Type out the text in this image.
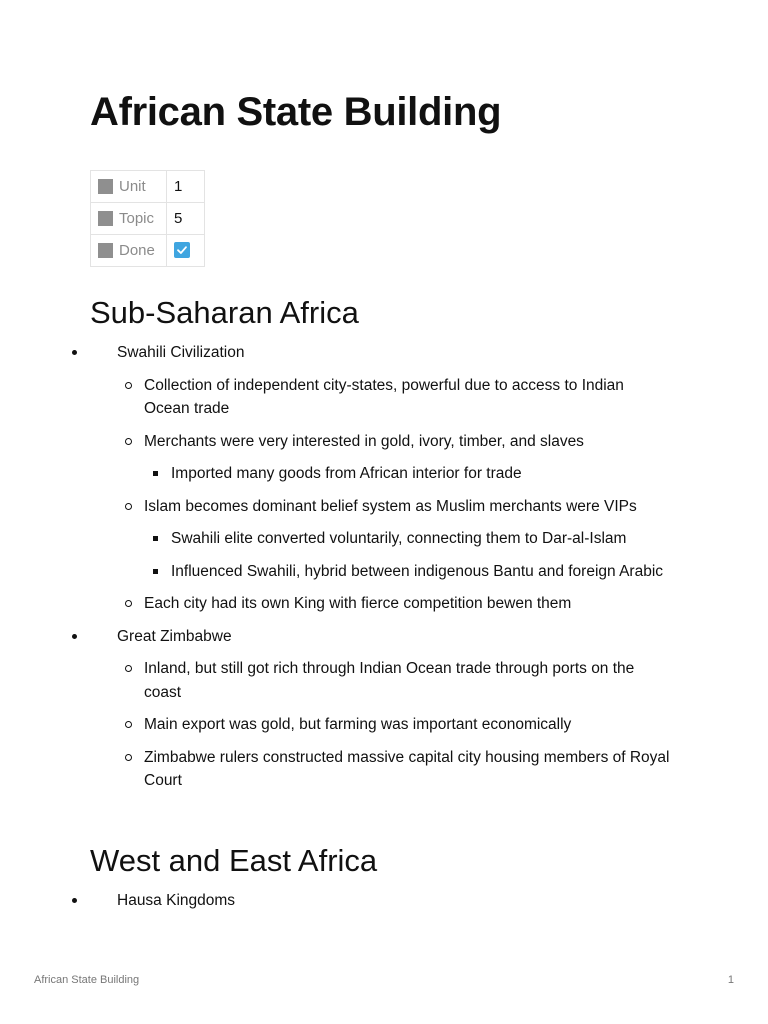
African State Building
Unit	1
Topic	5
Done	
Sub-Saharan Africa
Swahili Civilization
Collection of independent city-states, powerful due to access to Indian Ocean trade
Merchants were very interested in gold, ivory, timber, and slaves
Imported many goods from African interior for trade
Islam becomes dominant belief system as Muslim merchants were VIPs
Swahili elite converted voluntarily, connecting them to Dar-al-Islam
Influenced Swahili, hybrid between indigenous Bantu and foreign Arabic
Each city had its own King with fierce competition bewen them
Great Zimbabwe
Inland, but still got rich through Indian Ocean trade through ports on the coast
Main export was gold, but farming was important economically
Zimbabwe rulers constructed massive capital city housing members of Royal Court
West and East Africa
Hausa Kingdoms
African State Building	1
